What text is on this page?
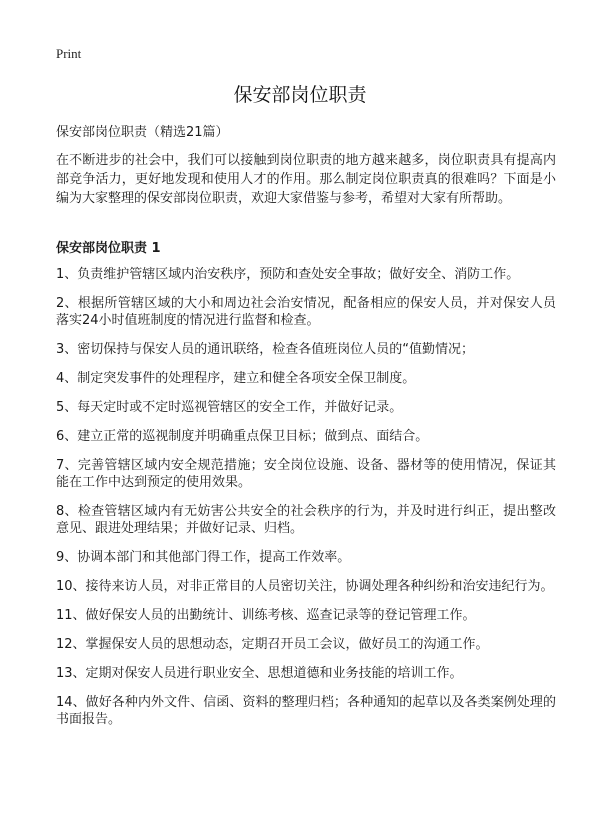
Print
保安部岗位职责

保安部岗位职责（精选21篇）

在不断进步的社会中，我们可以接触到岗位职责的地方越来越多，岗位职责具有提高内部竞争活力，更好地发现和使用人才的作用。那么制定岗位职责真的很难吗？下面是小编为大家整理的保安部岗位职责，欢迎大家借鉴与参考，希望对大家有所帮助。

保安部岗位职责 1

1、负责维护管辖区域内治安秩序，预防和查处安全事故；做好安全、消防工作。
2、根据所管辖区域的大小和周边社会治安情况，配备相应的保安人员，并对保安人员落实24小时值班制度的情况进行监督和检查。
3、密切保持与保安人员的通讯联络，检查各值班岗位人员的“值勤情况；
4、制定突发事件的处理程序，建立和健全各项安全保卫制度。
5、每天定时或不定时巡视管辖区的安全工作，并做好记录。
6、建立正常的巡视制度并明确重点保卫目标；做到点、面结合。
7、完善管辖区域内安全规范措施；安全岗位设施、设备、器材等的使用情况，保证其能在工作中达到预定的使用效果。
8、检查管辖区域内有无妨害公共安全的社会秩序的行为，并及时进行纠正，提出整改意见、跟进处理结果；并做好记录、归档。
9、协调本部门和其他部门得工作，提高工作效率。
10、接待来访人员，对非正常目的人员密切关注，协调处理各种纠纷和治安违纪行为。
11、做好保安人员的出勤统计、训练考核、巡查记录等的登记管理工作。
12、掌握保安人员的思想动态，定期召开员工会议，做好员工的沟通工作。
13、定期对保安人员进行职业安全、思想道德和业务技能的培训工作。
14、做好各种内外文件、信函、资料的整理归档；各种通知的起草以及各类案例处理的书面报告。
